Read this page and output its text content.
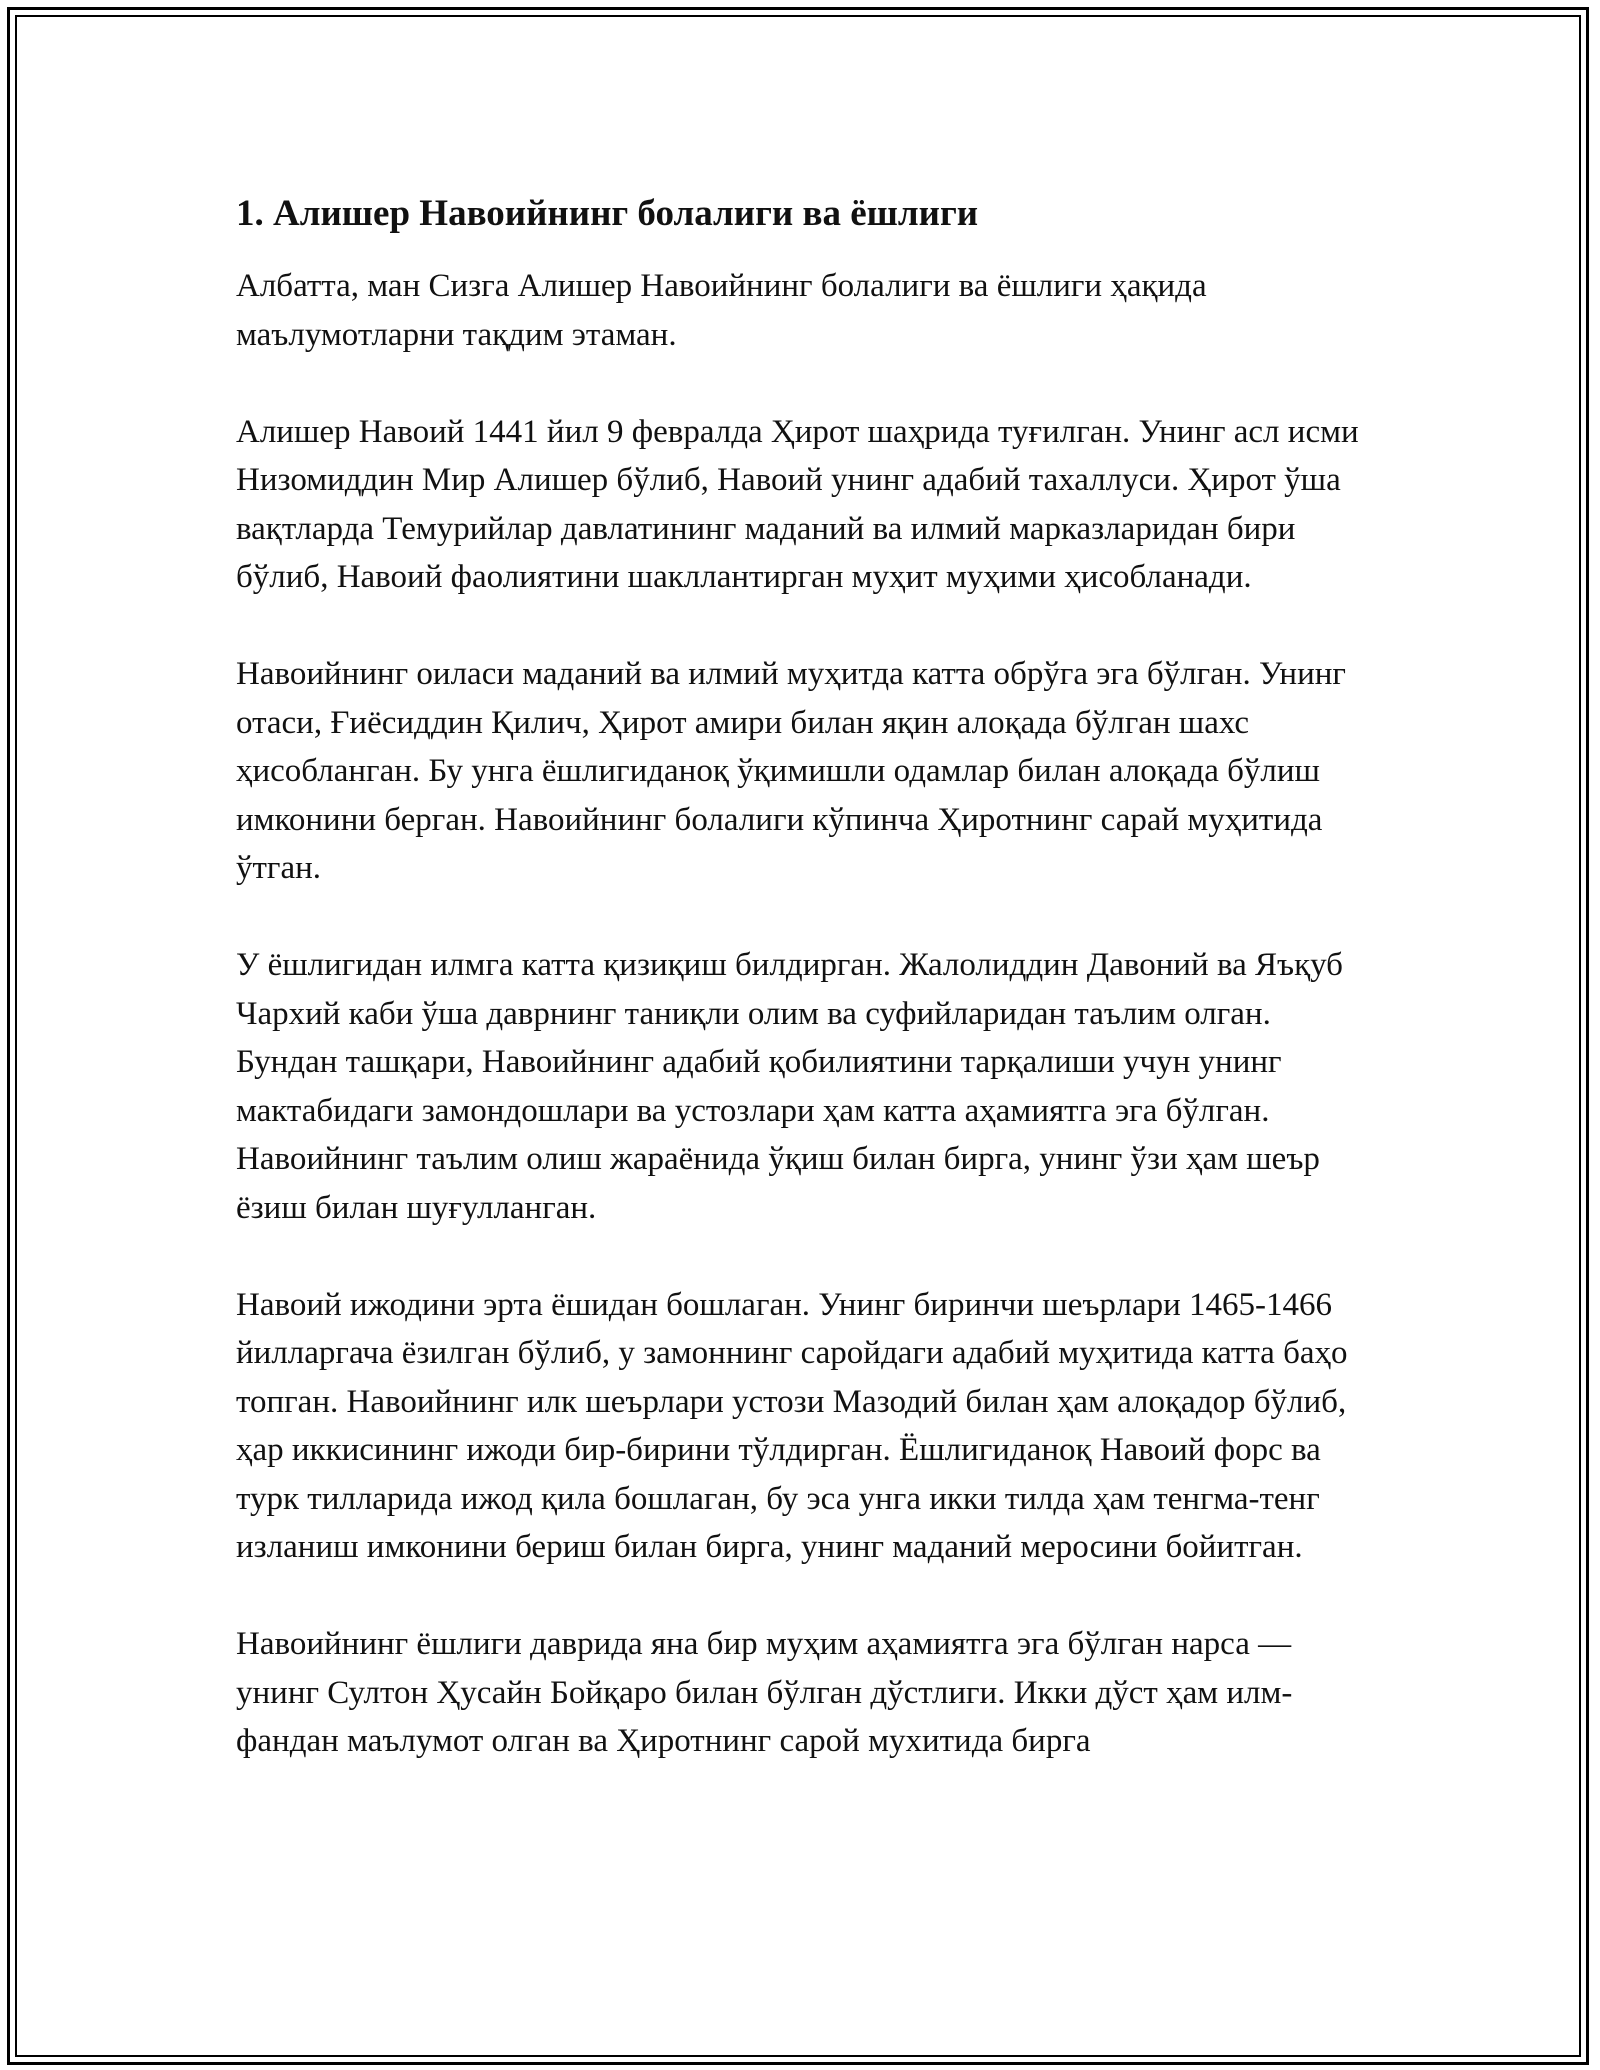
1. Алишер Навоийнинг болалиги ва ёшлиги

Албатта, ман Сизга Алишер Навоийнинг болалиги ва ёшлиги ҳақида маълумотларни тақдим этаман.

Алишер Навоий 1441 йил 9 февралда Ҳирот шаҳрида туғилган. Унинг асл исми Низомиддин Мир Алишер бўлиб, Навоий унинг адабий тахаллуси. Ҳирот ўша вақтларда Темурийлар давлатининг маданий ва илмий марказларидан бири бўлиб, Навоий фаолиятини шакллантирган муҳит муҳими ҳисобланади.

Навоийнинг оиласи маданий ва илмий муҳитда катта обрўга эга бўлган. Унинг отаси, Ғиёсиддин Қилич, Ҳирот амири билан яқин алоқада бўлган шахс ҳисобланган. Бу унга ёшлигиданоқ ўқимишли одамлар билан алоқада бўлиш имконини берган. Навоийнинг болалиги кўпинча Ҳиротнинг сарай муҳитида ўтган.

У ёшлигидан илмга катта қизиқиш билдирган. Жалолиддин Давоний ва Яъқуб Чархий каби ўша даврнинг таниқли олим ва суфийларидан таълим олган. Бундан ташқари, Навоийнинг адабий қобилиятини тарқалиши учун унинг мактабидаги замондошлари ва устозлари ҳам катта аҳамиятга эга бўлган. Навоийнинг таълим олиш жараёнида ўқиш билан бирга, унинг ўзи ҳам шеър ёзиш билан шуғулланган.

Навоий ижодини эрта ёшидан бошлаган. Унинг биринчи шеърлари 1465-1466 йилларгача ёзилган бўлиб, у замоннинг саройдаги адабий муҳитида катта баҳо топган. Навоийнинг илк шеърлари устози Мазодий билан ҳам алоқадор бўлиб, ҳар иккисининг ижоди бир-бирини тўлдирган. Ёшлигиданоқ Навоий форс ва турк тилларида ижод қила бошлаган, бу эса унга икки тилда ҳам тенгма-тенг изланиш имконини бериш билан бирга, унинг маданий меросини бойитган.

Навоийнинг ёшлиги даврида яна бир муҳим аҳамиятга эга бўлган нарса — унинг Султон Ҳусайн Бойқаро билан бўлган дўстлиги. Икки дўст ҳам илм-фандан маълумот олган ва Ҳиротнинг сарой мухитида бирга
